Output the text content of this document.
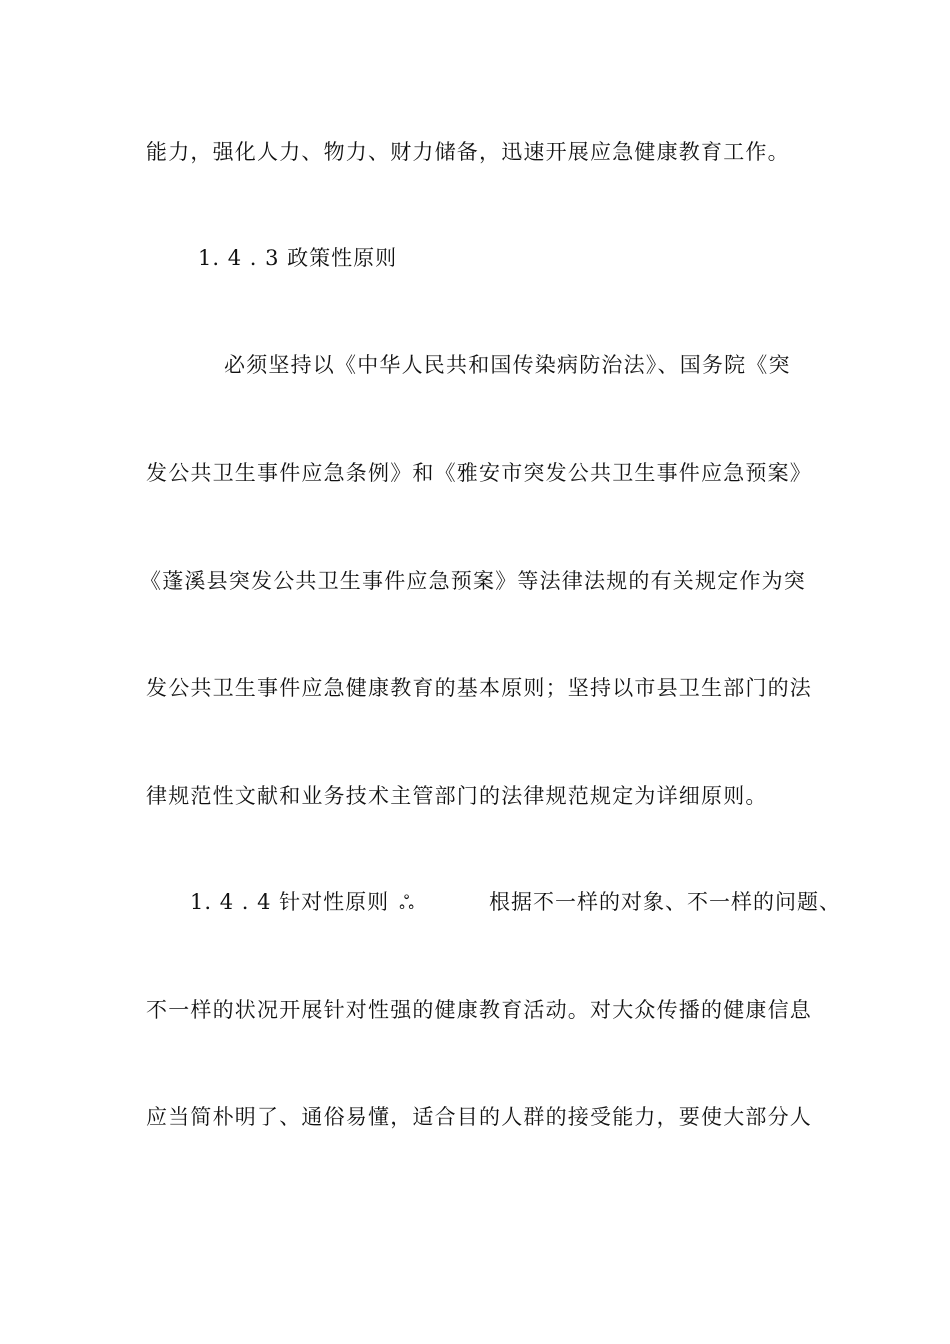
能力，强化人力、物力、财力储备，迅速开展应急健康教育工作。
1. 4 . 3 政策性原则
必须坚持以《中华人民共和国传染病防治法》、国务院《突
发公共卫生事件应急条例》和《雅安市突发公共卫生事件应急预案》
《蓬溪县突发公共卫生事件应急预案》等法律法规的有关规定作为突
发公共卫生事件应急健康教育的基本原则；坚持以市县卫生部门的法
律规范性文献和业务技术主管部门的法律规范规定为详细原则。
1. 4 . 4 针对性原则 ஃ	根据不一样的对象、不一样的问题、
不一样的状况开展针对性强的健康教育活动。对大众传播的健康信息
应当简朴明了、通俗易懂，适合目的人群的接受能力，要使大部分人
